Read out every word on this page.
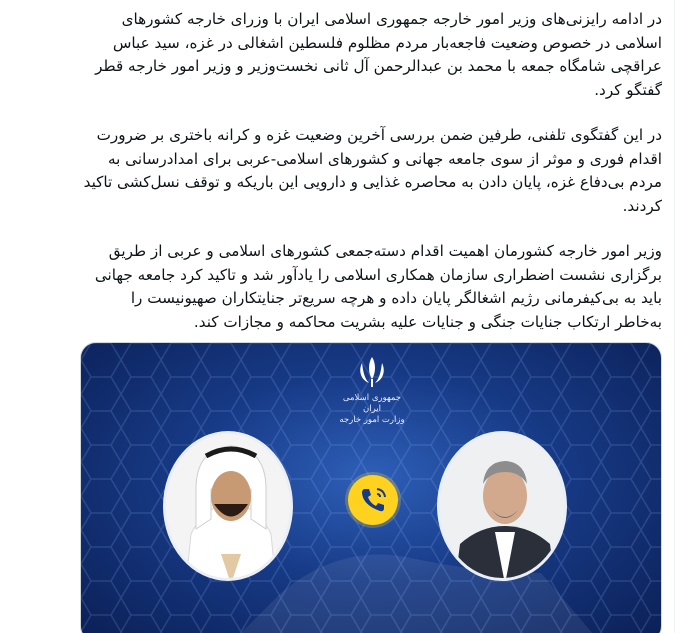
در ادامه رایزنی‌های وزیر امور خارجه جمهوری اسلامی ایران با وزرای خارجه کشورهای اسلامی در خصوص وضعیت فاجعه‌بار مردم مظلوم فلسطین اشغالی در غزه، سید عباس عراقچی شامگاه جمعه با محمد بن عبدالرحمن آل ثانی نخست‌وزیر و وزیر امور خارجه قطر گفتگو کرد.

در این گفتگوی تلفنی، طرفین ضمن بررسی آخرین وضعیت غزه و کرانه باختری بر ضرورت اقدام فوری و موثر از سوی جامعه جهانی و کشورهای اسلامی-عربی برای امدادرسانی به مردم بی‌دفاع غزه، پایان دادن به محاصره غذایی و دارویی این باریکه و توقف نسل‌کشی تاکید کردند.

وزیر امور خارجه کشورمان اهمیت اقدام دسته‌جمعی کشورهای اسلامی و عربی از طریق برگزاری نشست اضطراری سازمان همکاری اسلامی را یادآور شد و تاکید کرد جامعه جهانی باید به بی‌کیفرمانی رژیم اشغالگر پایان داده و هرچه سریع‌تر جنایتکاران صهیونیست را به‌خاطر ارتکاب جنایات جنگی و جنایات علیه بشریت محاکمه و مجازات کند.

جمهوری اسلامی ایران
وزارت امور خارجه
